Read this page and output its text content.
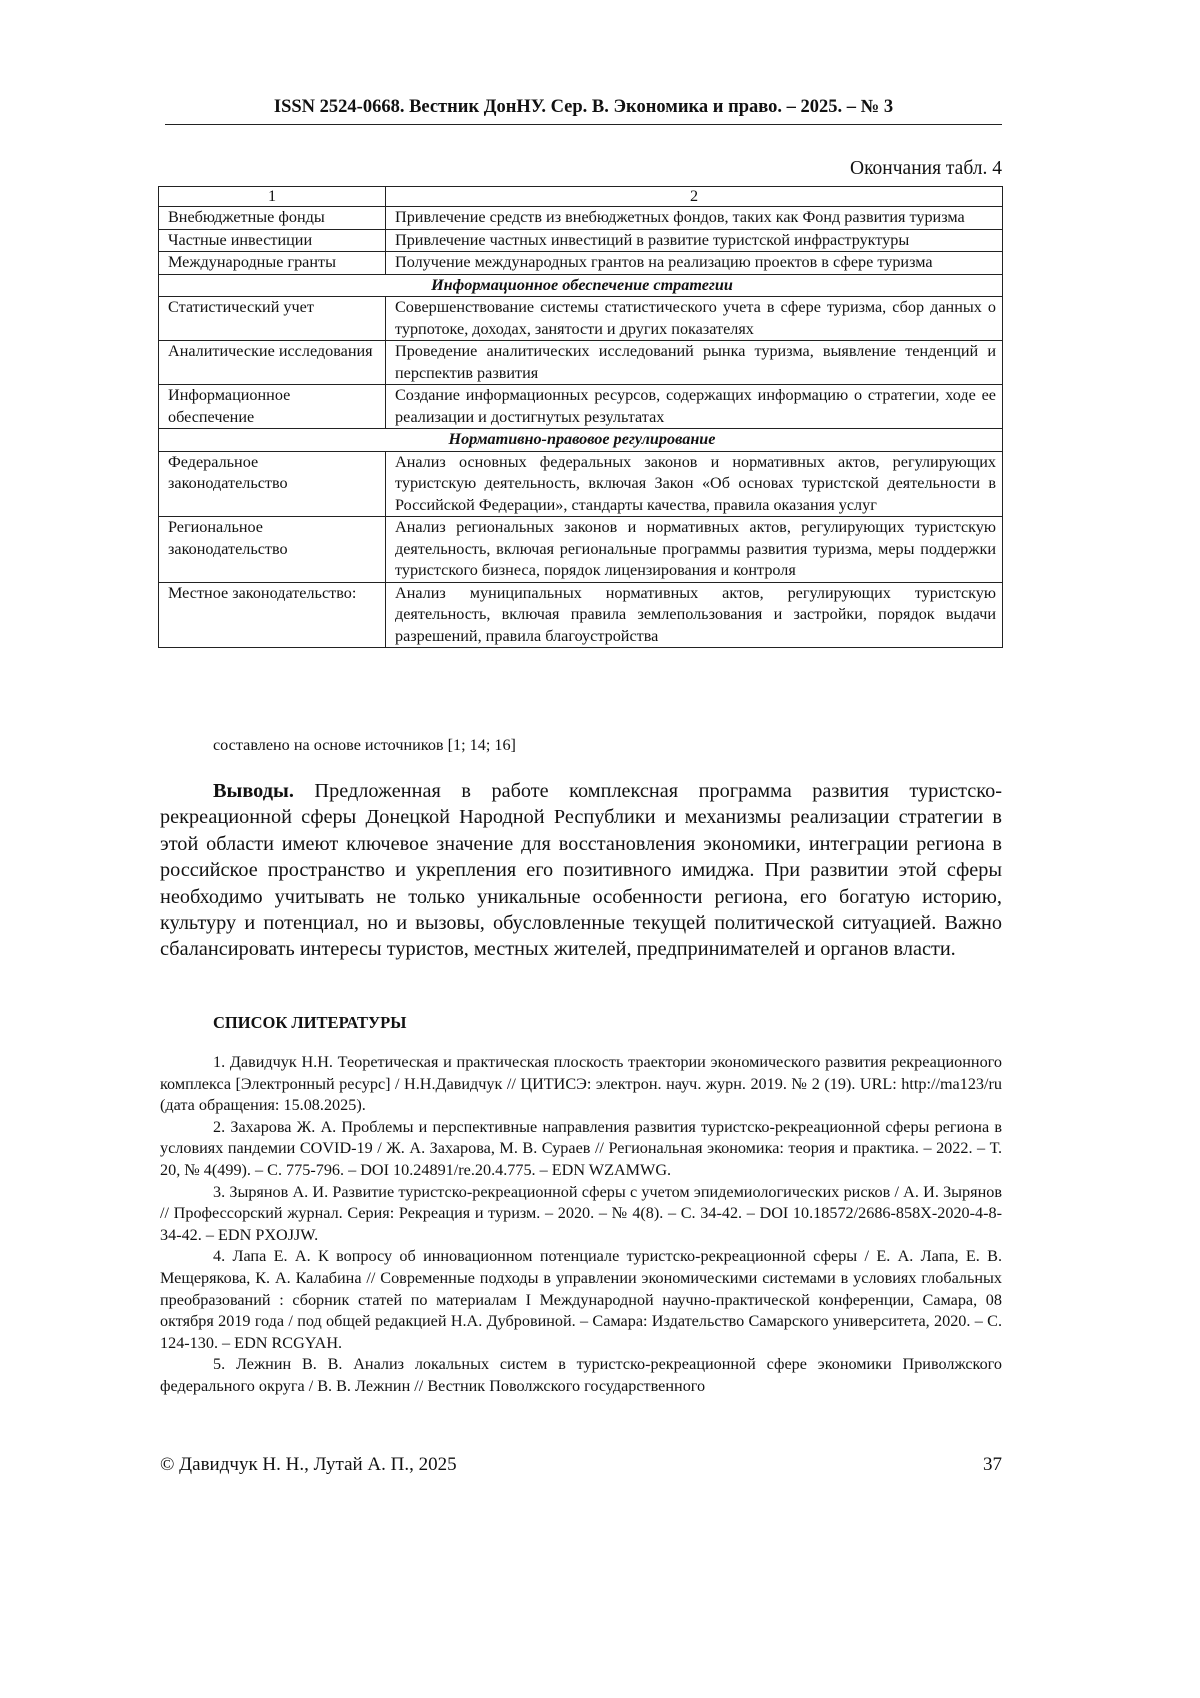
ISSN 2524-0668. Вестник ДонНУ. Сер. В. Экономика и право. – 2025. – № 3
Окончания табл. 4
1	2
Внебюджетные фонды	Привлечение средств из внебюджетных фондов, таких как Фонд развития туризма
Частные инвестиции	Привлечение частных инвестиций в развитие туристской инфраструктуры
Международные гранты	Получение международных грантов на реализацию проектов в сфере туризма
Информационное обеспечение стратегии	
Статистический учет	Совершенствование системы статистического учета в сфере туризма, сбор данных о турпотоке, доходах, занятости и других показателях
Аналитические исследования	Проведение аналитических исследований рынка туризма, выявление тенденций и перспектив развития
Информационное обеспечение	Создание информационных ресурсов, содержащих информацию о стратегии, ходе ее реализации и достигнутых результатах
Нормативно-правовое регулирование	
Федеральное законодательство	Анализ основных федеральных законов и нормативных актов, регулирующих туристскую деятельность, включая Закон «Об основах туристской деятельности в Российской Федерации», стандарты качества, правила оказания услуг
Региональное законодательство	Анализ региональных законов и нормативных актов, регулирующих туристскую деятельность, включая региональные программы развития туризма, меры поддержки туристского бизнеса, порядок лицензирования и контроля
Местное законодательство:	Анализ муниципальных нормативных актов, регулирующих туристскую деятельность, включая правила землепользования и застройки, порядок выдачи разрешений, правила благоустройства
составлено на основе источников [1; 14; 16]

Выводы. Предложенная в работе комплексная программа развития туристско-рекреационной сферы Донецкой Народной Республики и механизмы реализации стратегии в этой области имеют ключевое значение для восстановления экономики, интеграции региона в российское пространство и укрепления его позитивного имиджа. При развитии этой сферы необходимо учитывать не только уникальные особенности региона, его богатую историю, культуру и потенциал, но и вызовы, обусловленные текущей политической ситуацией. Важно сбалансировать интересы туристов, местных жителей, предпринимателей и органов власти.

СПИСОК ЛИТЕРАТУРЫ
1. Давидчук Н.Н. Теоретическая и практическая плоскость траектории экономического развития рекреационного комплекса [Электронный ресурс] / Н.Н.Давидчук // ЦИТИСЭ: электрон. науч. журн. 2019. № 2 (19). URL: http://ma123/ru (дата обращения: 15.08.2025).
2. Захарова Ж. А. Проблемы и перспективные направления развития туристско-рекреационной сферы региона в условиях пандемии COVID-19 / Ж. А. Захарова, М. В. Сураев // Региональная экономика: теория и практика. – 2022. – Т. 20, № 4(499). – С. 775-796. – DOI 10.24891/re.20.4.775. – EDN WZAMWG.
3. Зырянов А. И. Развитие туристско-рекреационной сферы с учетом эпидемиологических рисков / А. И. Зырянов // Профессорский журнал. Серия: Рекреация и туризм. – 2020. – № 4(8). – С. 34-42. – DOI 10.18572/2686-858X-2020-4-8-34-42. – EDN PXOJJW.
4. Лапа Е. А. К вопросу об инновационном потенциале туристско-рекреационной сферы / Е. А. Лапа, Е. В. Мещерякова, К. А. Калабина // Современные подходы в управлении экономическими системами в условиях глобальных преобразований : сборник статей по материалам I Международной научно-практической конференции, Самара, 08 октября 2019 года / под общей редакцией Н.А. Дубровиной. – Самара: Издательство Самарского университета, 2020. – С. 124-130. – EDN RCGYAH.
5. Лежнин В. В. Анализ локальных систем в туристско-рекреационной сфере экономики Приволжского федерального округа / В. В. Лежнин // Вестник Поволжского государственного
© Давидчук Н. Н., Лутай А. П., 2025	37
